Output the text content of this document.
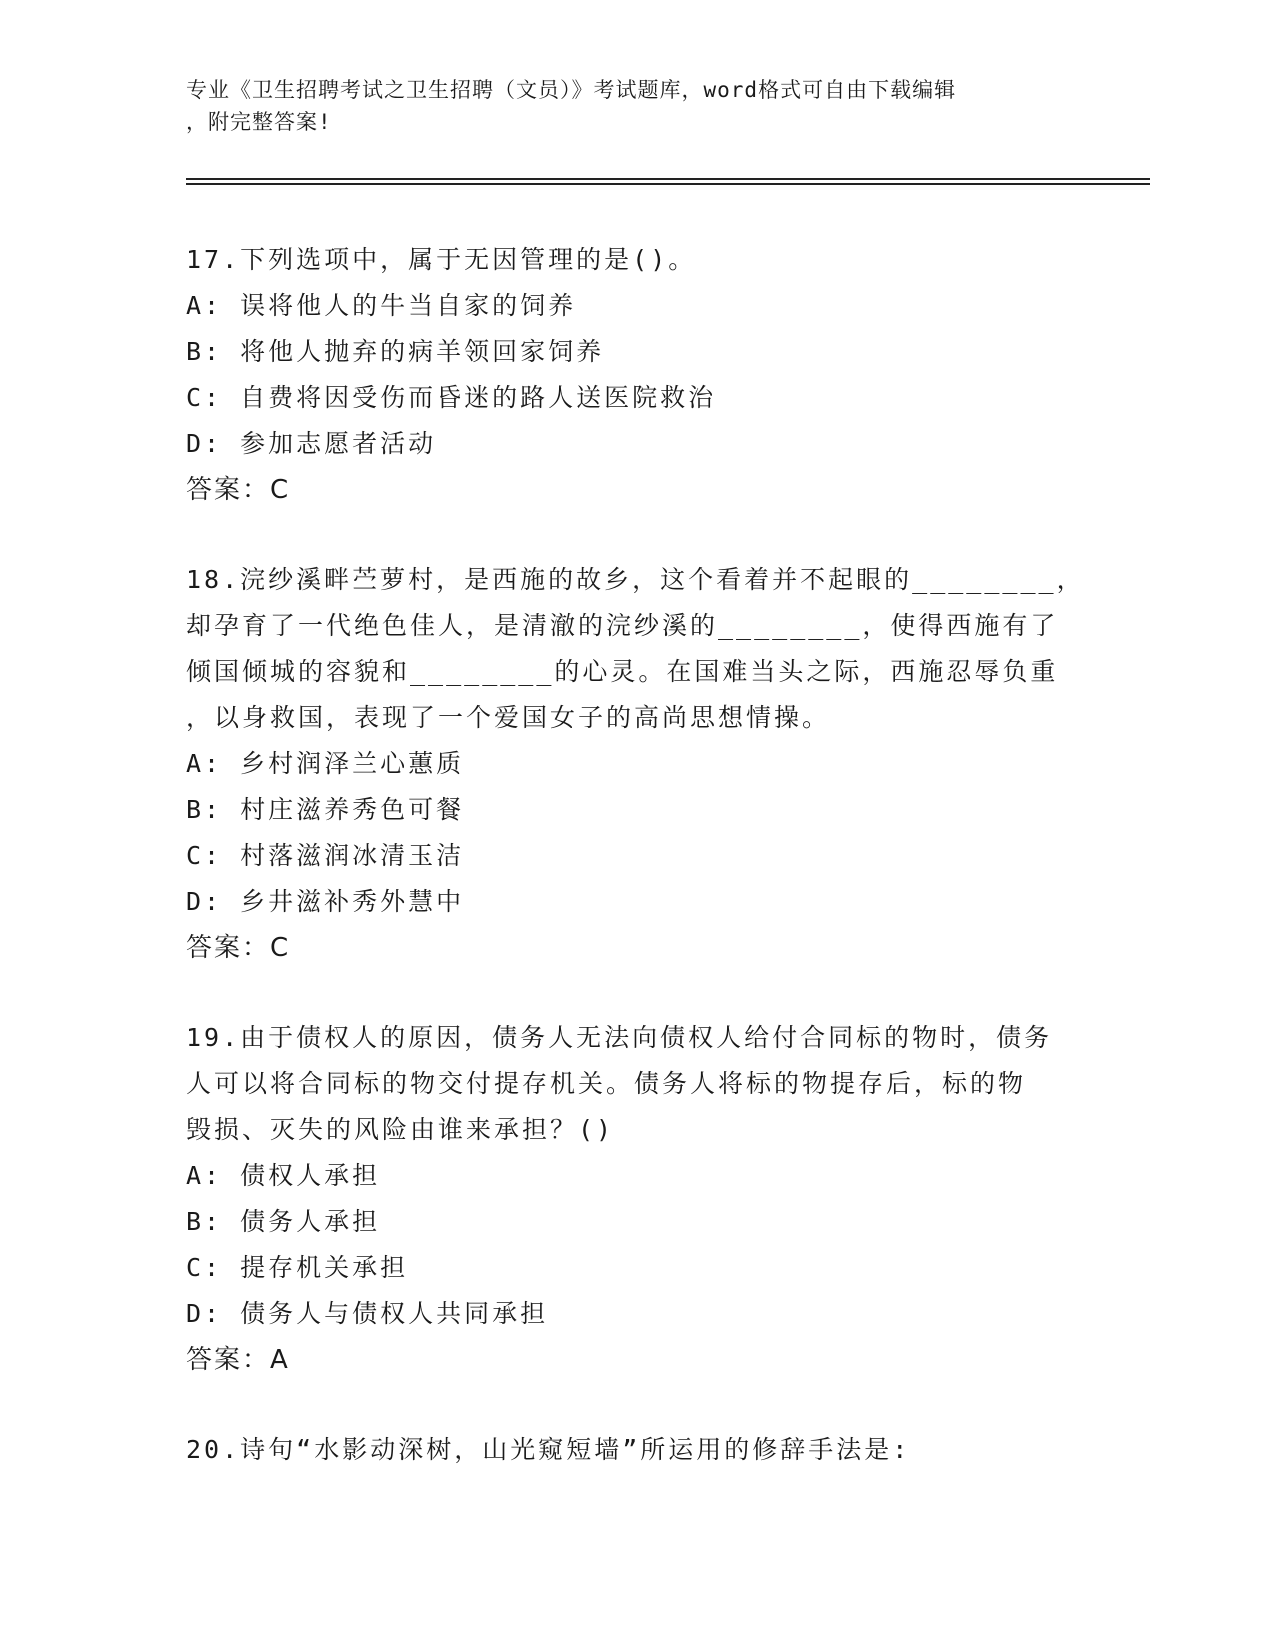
专业《卫生招聘考试之卫生招聘（文员）》考试题库，word格式可自由下载编辑
，附完整答案!
17.下列选项中，属于无因管理的是()。
A: 误将他人的牛当自家的饲养
B: 将他人抛弃的病羊领回家饲养
C: 自费将因受伤而昏迷的路人送医院救治
D: 参加志愿者活动
答案：C
18.浣纱溪畔苎萝村，是西施的故乡，这个看着并不起眼的________，
却孕育了一代绝色佳人，是清澈的浣纱溪的________，使得西施有了
倾国倾城的容貌和________的心灵。在国难当头之际，西施忍辱负重
，以身救国，表现了一个爱国女子的高尚思想情操。
A: 乡村润泽兰心蕙质
B: 村庄滋养秀色可餐
C: 村落滋润冰清玉洁
D: 乡井滋补秀外慧中
答案：C
19.由于债权人的原因，债务人无法向债权人给付合同标的物时，债务
人可以将合同标的物交付提存机关。债务人将标的物提存后，标的物
毁损、灭失的风险由谁来承担？()
A: 债权人承担
B: 债务人承担
C: 提存机关承担
D: 债务人与债权人共同承担
答案：A
20.诗句“水影动深树，山光窥短墙”所运用的修辞手法是:
